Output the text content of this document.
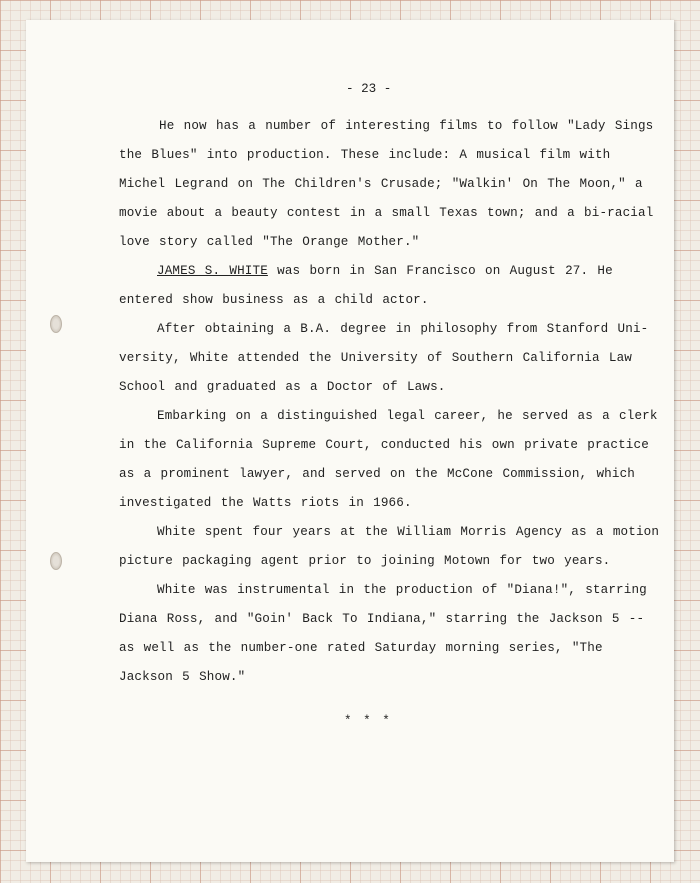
- 23 -
He now has a number of interesting films to follow "Lady Sings
the Blues" into production. These include: A musical film with
Michel Legrand on The Children's Crusade; "Walkin' On The Moon," a
movie about a beauty contest in a small Texas town; and a bi-racial
love story called "The Orange Mother."
JAMES S. WHITE was born in San Francisco on August 27. He
entered show business as a child actor.
After obtaining a B.A. degree in philosophy from Stanford Uni-
versity, White attended the University of Southern California Law
School and graduated as a Doctor of Laws.
Embarking on a distinguished legal career, he served as a clerk
in the California Supreme Court, conducted his own private practice
as a prominent lawyer, and served on the McCone Commission, which
investigated the Watts riots in 1966.
White spent four years at the William Morris Agency as a motion
picture packaging agent prior to joining Motown for two years.
White was instrumental in the production of "Diana!", starring
Diana Ross, and "Goin' Back To Indiana," starring the Jackson 5 --
as well as the number-one rated Saturday morning series, "The
Jackson 5 Show."
* * *
